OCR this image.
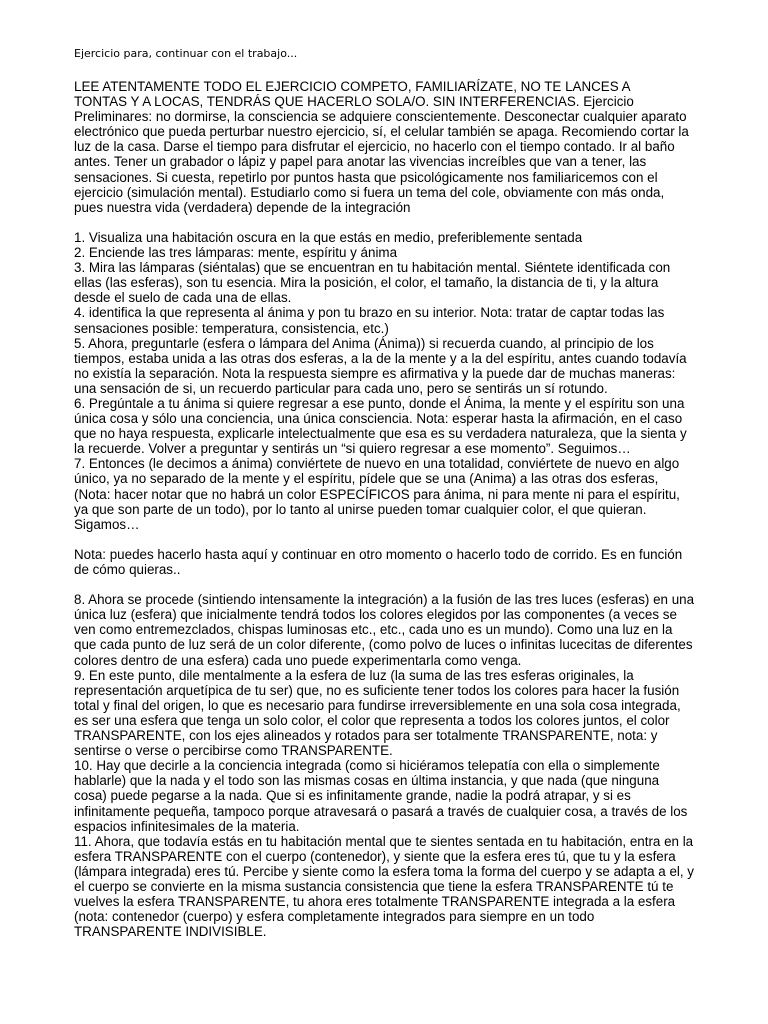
Ejercicio para, continuar con el trabajo...
LEE ATENTAMENTE TODO EL EJERCICIO COMPETO, FAMILIARÍZATE, NO TE LANCES A
TONTAS Y A LOCAS, TENDRÁS QUE HACERLO SOLA/O. SIN INTERFERENCIAS. Ejercicio
Preliminares: no dormirse, la consciencia se adquiere conscientemente. Desconectar cualquier aparato
electrónico que pueda perturbar nuestro ejercicio, sí, el celular también se apaga. Recomiendo cortar la
luz de la casa. Darse el tiempo para disfrutar el ejercicio, no hacerlo con el tiempo contado. Ir al baño
antes. Tener un grabador o lápiz y papel para anotar las vivencias increíbles que van a tener, las
sensaciones. Si cuesta, repetirlo por puntos hasta que psicológicamente nos familiaricemos con el
ejercicio (simulación mental). Estudiarlo como si fuera un tema del cole, obviamente con más onda,
pues nuestra vida (verdadera) depende de la integración
1. Visualiza una habitación oscura en la que estás en medio, preferiblemente sentada
2. Enciende las tres lámparas: mente, espíritu y ánima
3. Mira las lámparas (siéntalas) que se encuentran en tu habitación mental. Siéntete identificada con
ellas (las esferas), son tu esencia. Mira la posición, el color, el tamaño, la distancia de ti, y la altura
desde el suelo de cada una de ellas.
4. identifica la que representa al ánima y pon tu brazo en su interior. Nota: tratar de captar todas las
sensaciones posible: temperatura, consistencia, etc.)
5. Ahora, preguntarle (esfera o lámpara del Anima (Ánima)) si recuerda cuando, al principio de los
tiempos, estaba unida a las otras dos esferas, a la de la mente y a la del espíritu, antes cuando todavía
no existía la separación. Nota la respuesta siempre es afirmativa y la puede dar de muchas maneras:
una sensación de si, un recuerdo particular para cada uno, pero se sentirás un sí rotundo.
6. Pregúntale a tu ánima si quiere regresar a ese punto, donde el Ánima, la mente y el espíritu son una
única cosa y sólo una conciencia, una única consciencia. Nota: esperar hasta la afirmación, en el caso
que no haya respuesta, explicarle intelectualmente que esa es su verdadera naturaleza, que la sienta y
la recuerde. Volver a preguntar y sentirás un “si quiero regresar a ese momento”. Seguimos…
7. Entonces (le decimos a ánima) conviértete de nuevo en una totalidad, conviértete de nuevo en algo
único, ya no separado de la mente y el espíritu, pídele que se una (Anima) a las otras dos esferas,
(Nota: hacer notar que no habrá un color ESPECÍFICOS para ánima, ni para mente ni para el espíritu,
ya que son parte de un todo), por lo tanto al unirse pueden tomar cualquier color, el que quieran.
Sigamos…
Nota: puedes hacerlo hasta aquí y continuar en otro momento o hacerlo todo de corrido. Es en función
de cómo quieras..
8. Ahora se procede (sintiendo intensamente la integración) a la fusión de las tres luces (esferas) en una
única luz (esfera) que inicialmente tendrá todos los colores elegidos por las componentes (a veces se
ven como entremezclados, chispas luminosas etc., etc., cada uno es un mundo). Como una luz en la
que cada punto de luz será de un color diferente, (como polvo de luces o infinitas lucecitas de diferentes
colores dentro de una esfera) cada uno puede experimentarla como venga.
9. En este punto, dile mentalmente a la esfera de luz (la suma de las tres esferas originales, la
representación arquetípica de tu ser) que, no es suficiente tener todos los colores para hacer la fusión
total y final del origen, lo que es necesario para fundirse irreversiblemente en una sola cosa integrada,
es ser una esfera que tenga un solo color, el color que representa a todos los colores juntos, el color
TRANSPARENTE, con los ejes alineados y rotados para ser totalmente TRANSPARENTE, nota: y
sentirse o verse o percibirse como TRANSPARENTE.
10. Hay que decirle a la conciencia integrada (como si hiciéramos telepatía con ella o simplemente
hablarle) que la nada y el todo son las mismas cosas en última instancia, y que nada (que ninguna
cosa) puede pegarse a la nada. Que si es infinitamente grande, nadie la podrá atrapar, y si es
infinitamente pequeña, tampoco porque atravesará o pasará a través de cualquier cosa, a través de los
espacios infinitesimales de la materia.
11. Ahora, que todavía estás en tu habitación mental que te sientes sentada en tu habitación, entra en la
esfera TRANSPARENTE con el cuerpo (contenedor), y siente que la esfera eres tú, que tu y la esfera
(lámpara integrada) eres tú. Percibe y siente como la esfera toma la forma del cuerpo y se adapta a el, y
el cuerpo se convierte en la misma sustancia consistencia que tiene la esfera TRANSPARENTE tú te
vuelves la esfera TRANSPARENTE, tu ahora eres totalmente TRANSPARENTE integrada a la esfera
(nota: contenedor (cuerpo) y esfera completamente integrados para siempre en un todo
TRANSPARENTE INDIVISIBLE.
